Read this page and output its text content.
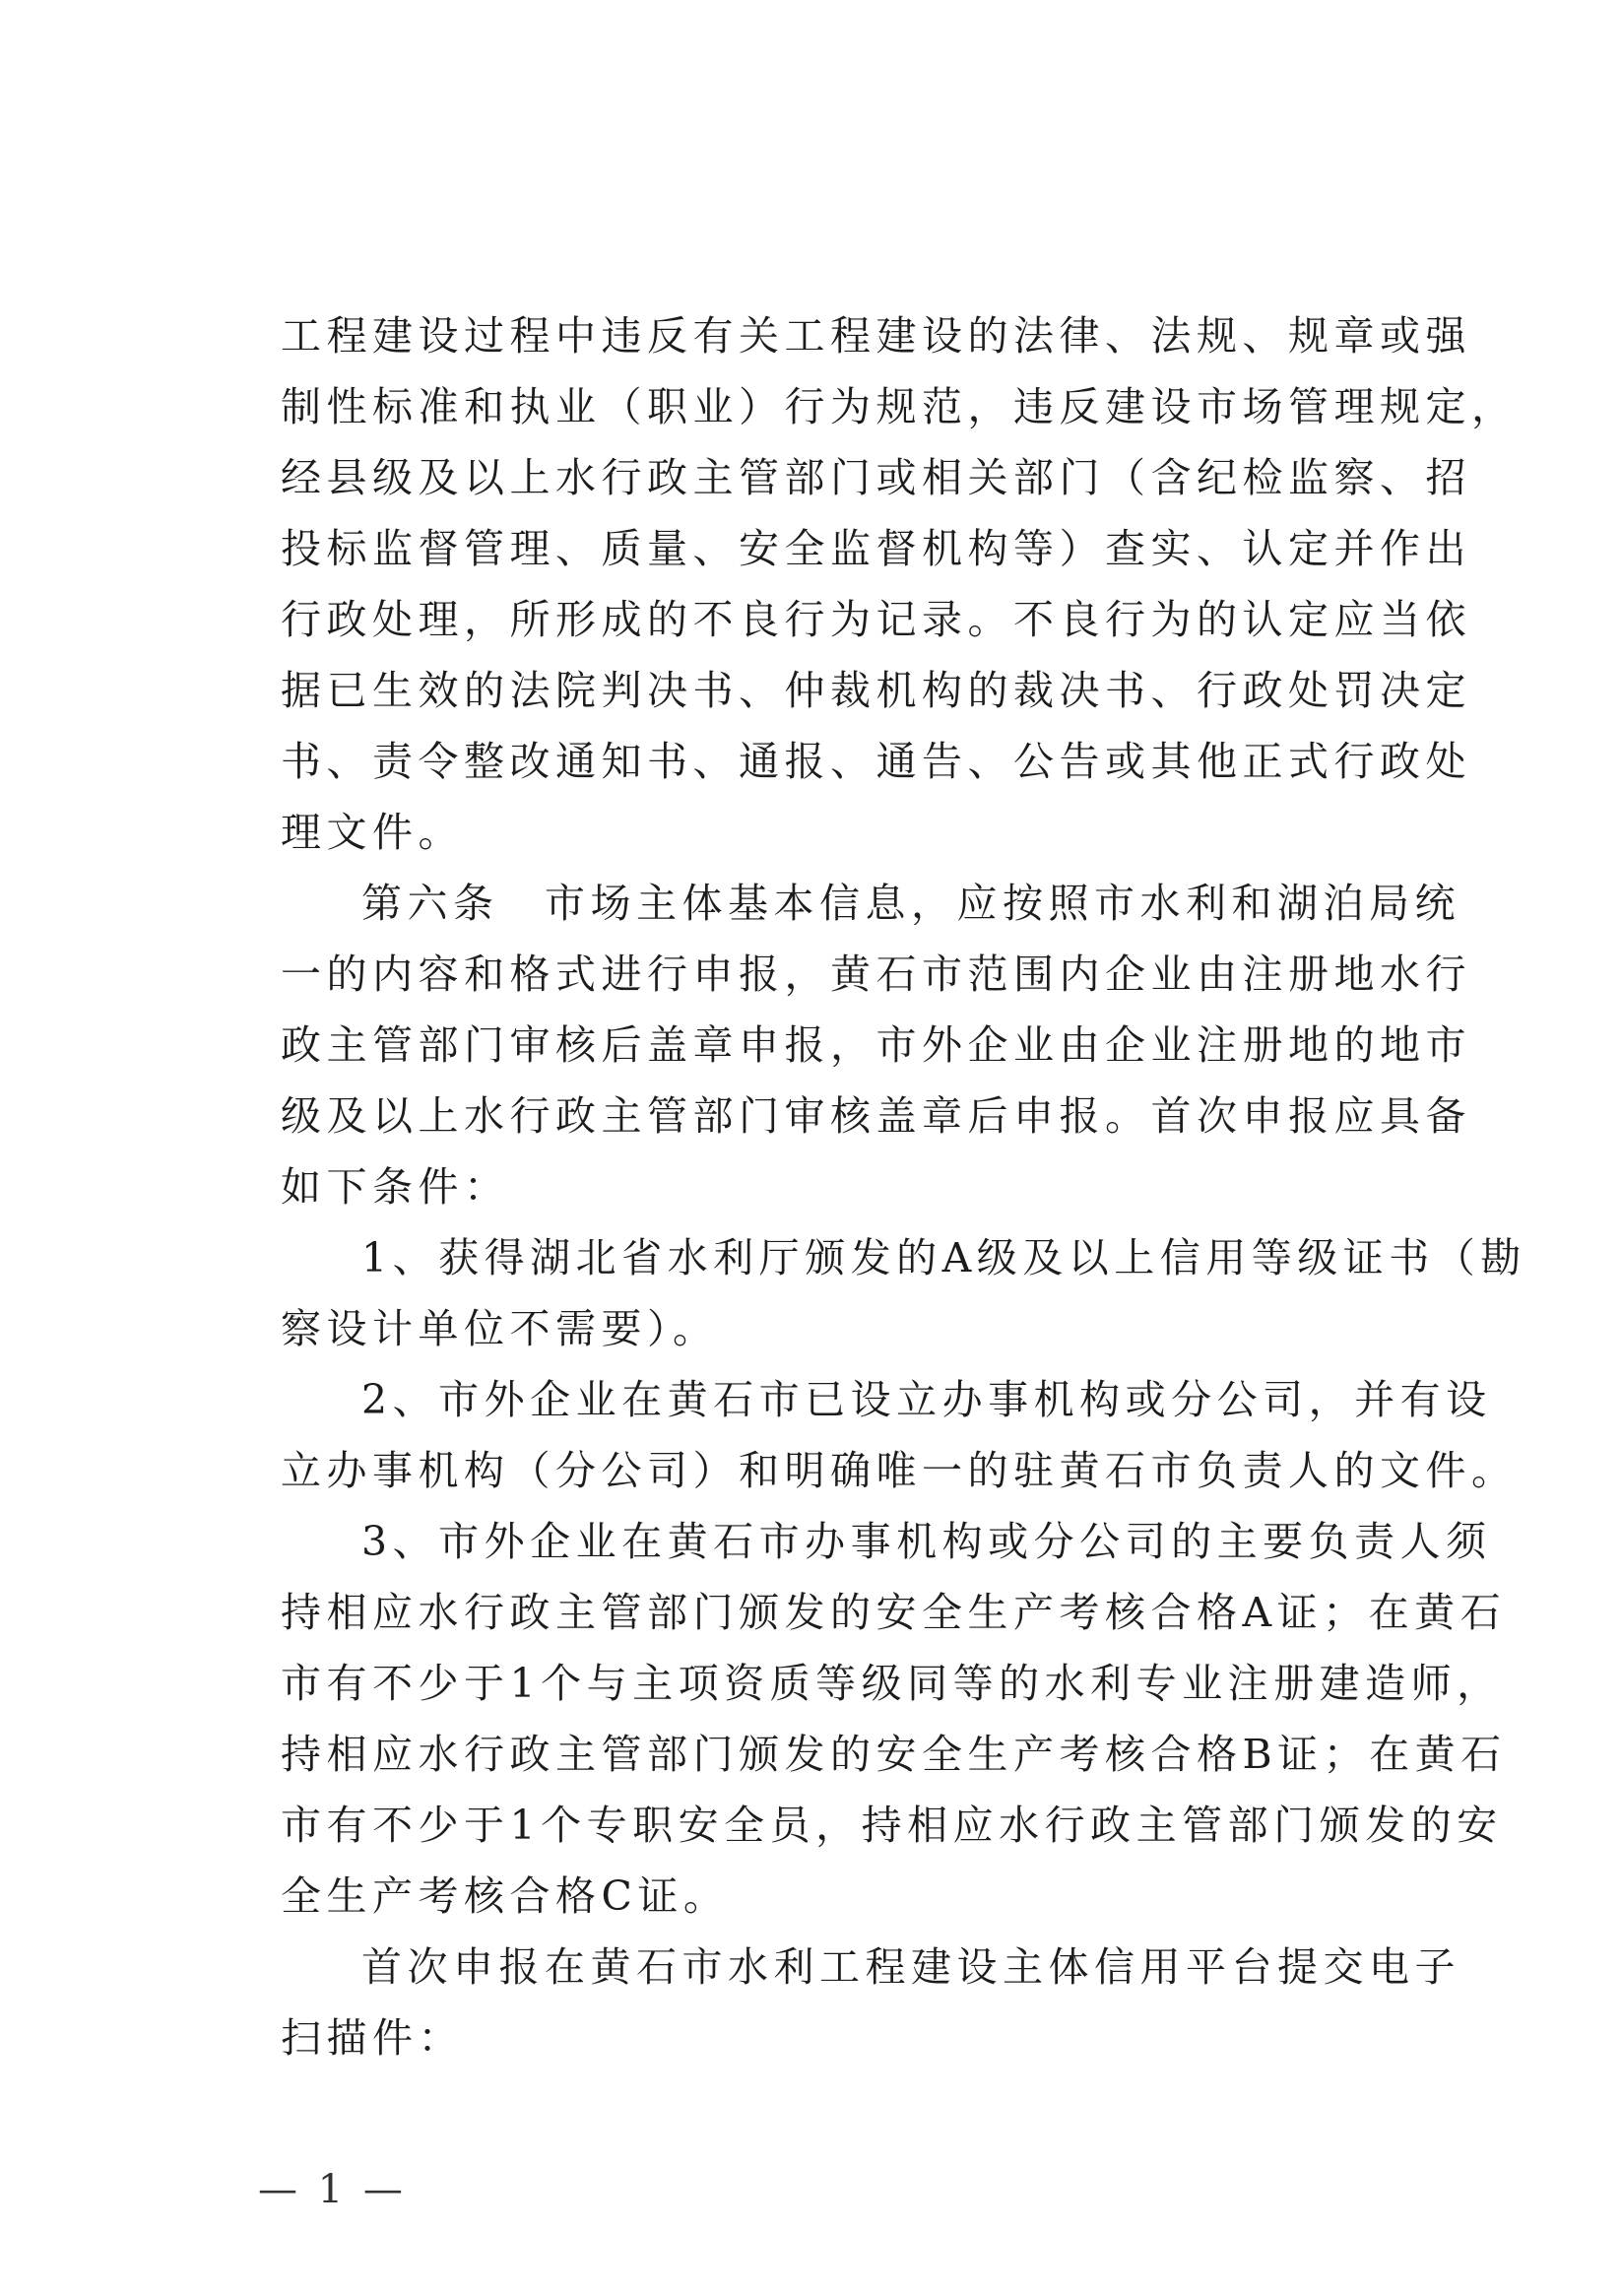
工程建设过程中违反有关工程建设的法律、法规、规章或强
制性标准和执业（职业）行为规范，违反建设市场管理规定，
经县级及以上水行政主管部门或相关部门（含纪检监察、招
投标监督管理、质量、安全监督机构等）查实、认定并作出
行政处理，所形成的不良行为记录。不良行为的认定应当依
据已生效的法院判决书、仲裁机构的裁决书、行政处罚决定
书、责令整改通知书、通报、通告、公告或其他正式行政处
理文件。
第六条　市场主体基本信息，应按照市水利和湖泊局统
一的内容和格式进行申报，黄石市范围内企业由注册地水行
政主管部门审核后盖章申报，市外企业由企业注册地的地市
级及以上水行政主管部门审核盖章后申报。首次申报应具备
如下条件：
1、获得湖北省水利厅颁发的A级及以上信用等级证书（勘
察设计单位不需要）。
2、市外企业在黄石市已设立办事机构或分公司，并有设
立办事机构（分公司）和明确唯一的驻黄石市负责人的文件。
3、市外企业在黄石市办事机构或分公司的主要负责人须
持相应水行政主管部门颁发的安全生产考核合格A证；在黄石
市有不少于1个与主项资质等级同等的水利专业注册建造师，
持相应水行政主管部门颁发的安全生产考核合格B证；在黄石
市有不少于1个专职安全员，持相应水行政主管部门颁发的安
全生产考核合格C证。
首次申报在黄石市水利工程建设主体信用平台提交电子
扫描件：
— 1 —
